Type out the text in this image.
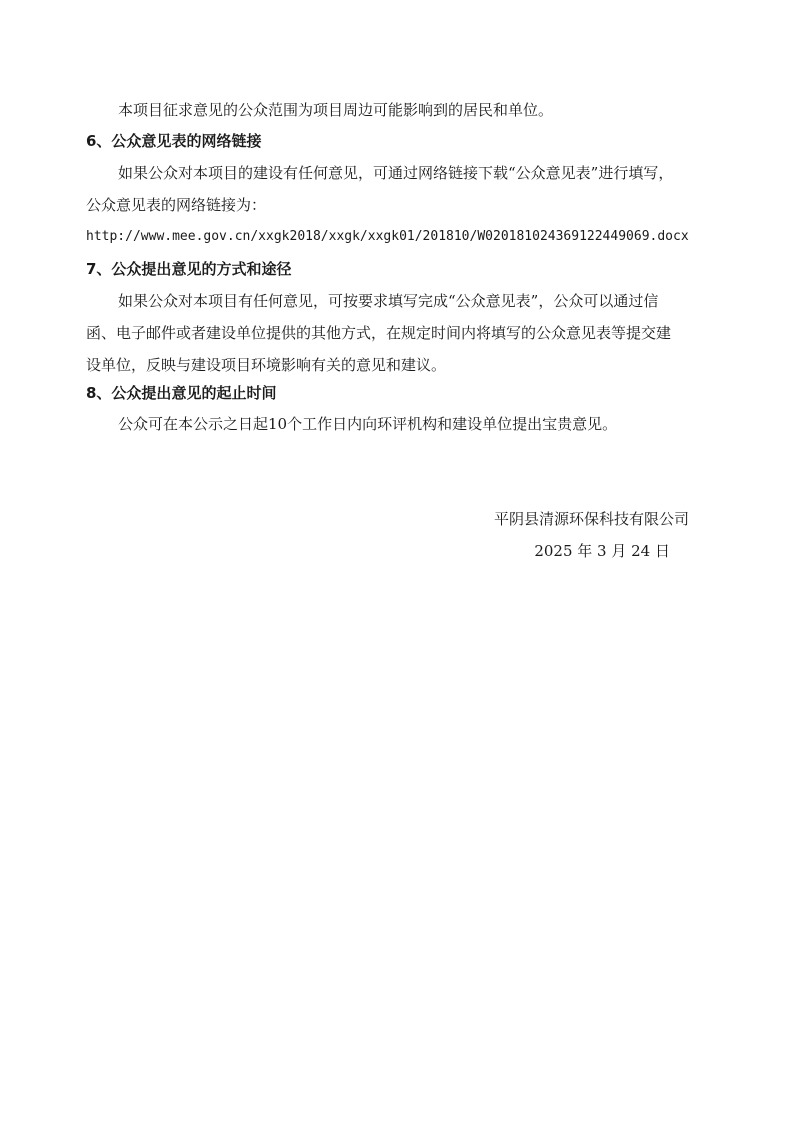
本项目征求意见的公众范围为项目周边可能影响到的居民和单位。
6、公众意见表的网络链接
如果公众对本项目的建设有任何意见，可通过网络链接下载“公众意见表”进行填写，
公众意见表的网络链接为：
http://www.mee.gov.cn/xxgk2018/xxgk/xxgk01/201810/W020181024369122449069.docx
7、公众提出意见的方式和途径
如果公众对本项目有任何意见，可按要求填写完成“公众意见表”，公众可以通过信
函、电子邮件或者建设单位提供的其他方式，在规定时间内将填写的公众意见表等提交建
设单位，反映与建设项目环境影响有关的意见和建议。
8、公众提出意见的起止时间
公众可在本公示之日起10个工作日内向环评机构和建设单位提出宝贵意见。
平阴县清源环保科技有限公司
2025 年 3 月 24 日
